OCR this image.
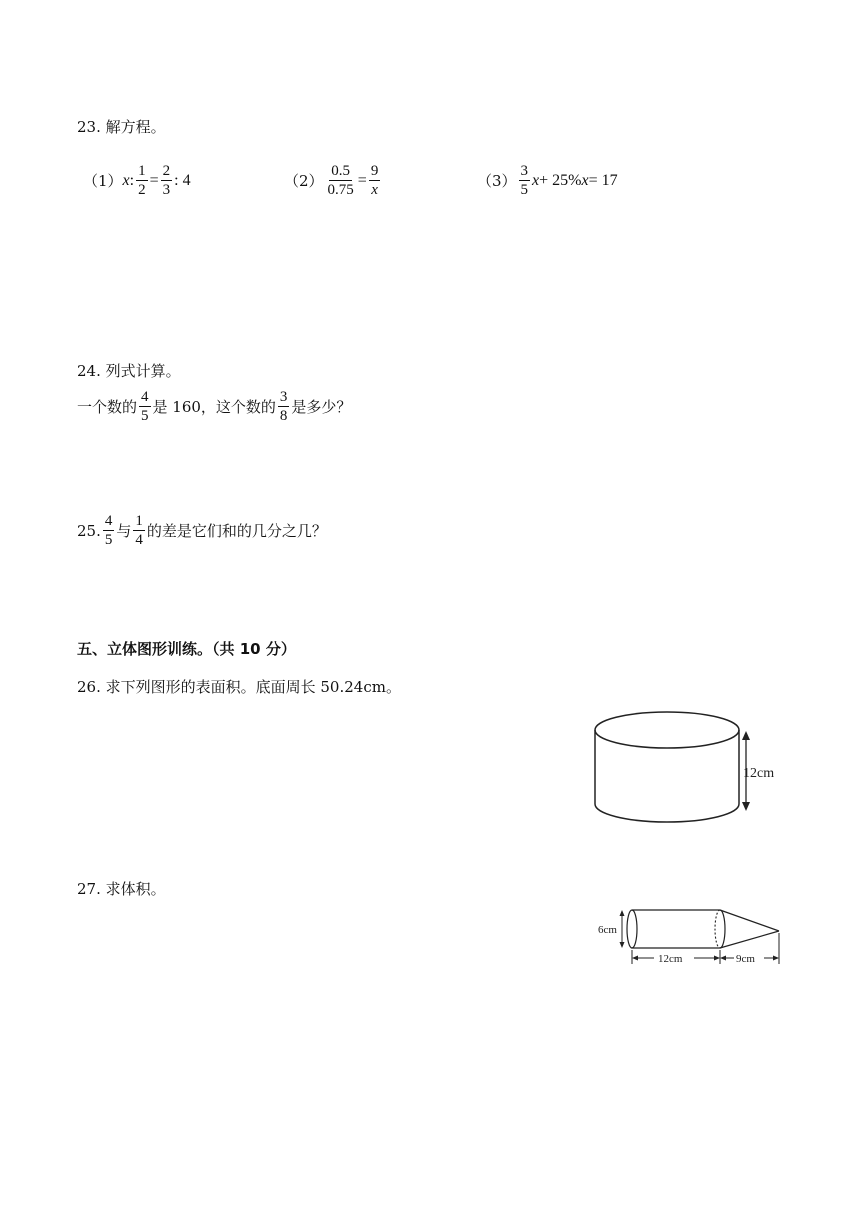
23. 解方程。
（1） x : $\frac{1}{2} = \frac{2}{3}$ : 4	$(2) \frac{0.5}{0.75} = \frac{9}{x}$	$(3) \frac{3}{5}$ x + 25% x = 17
24. 列式计算。
一个数的 $\frac{4}{5}$ 是 160，这个数的 $\frac{3}{8}$ 是多少？
25. $\frac{4}{5}$ 与 $\frac{1}{4}$ 的差是它们和的几分之几？
五、立体图形训练。（共 10 分）
26. 求下列图形的表面积。底面周长 50.24cm。
12cm
27. 求体积。
6cm
12cm	9cm
